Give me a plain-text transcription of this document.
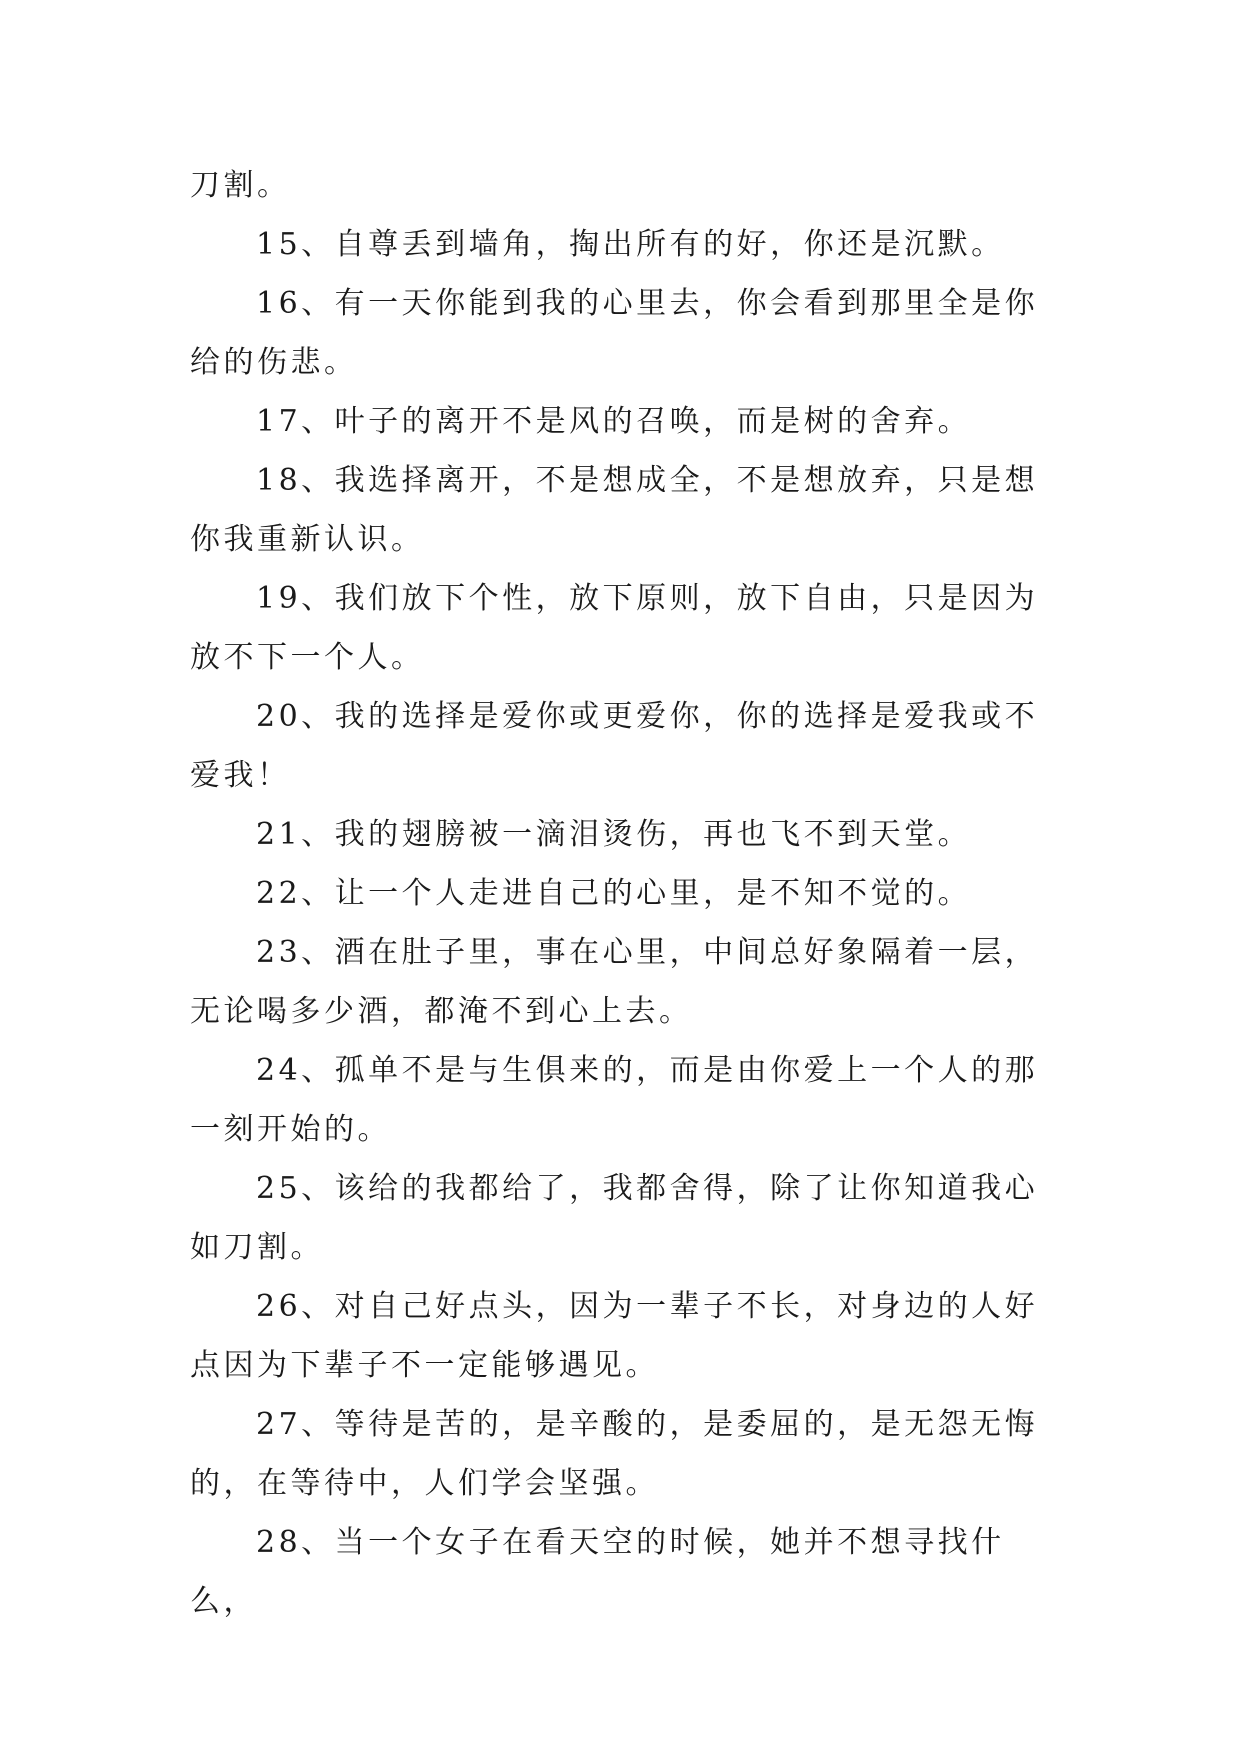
刀割。

15、自尊丢到墙角，掏出所有的好，你还是沉默。

16、有一天你能到我的心里去，你会看到那里全是你给的伤悲。

17、叶子的离开不是风的召唤，而是树的舍弃。

18、我选择离开，不是想成全，不是想放弃，只是想你我重新认识。

19、我们放下个性，放下原则，放下自由，只是因为放不下一个人。

20、我的选择是爱你或更爱你，你的选择是爱我或不爱我！

21、我的翅膀被一滴泪烫伤，再也飞不到天堂。

22、让一个人走进自己的心里，是不知不觉的。

23、酒在肚子里，事在心里，中间总好象隔着一层，无论喝多少酒，都淹不到心上去。

24、孤单不是与生俱来的，而是由你爱上一个人的那一刻开始的。

25、该给的我都给了，我都舍得，除了让你知道我心如刀割。

26、对自己好点头，因为一辈子不长，对身边的人好点因为下辈子不一定能够遇见。

27、等待是苦的，是辛酸的，是委屈的，是无怨无悔的，在等待中，人们学会坚强。

28、当一个女子在看天空的时候，她并不想寻找什么，
